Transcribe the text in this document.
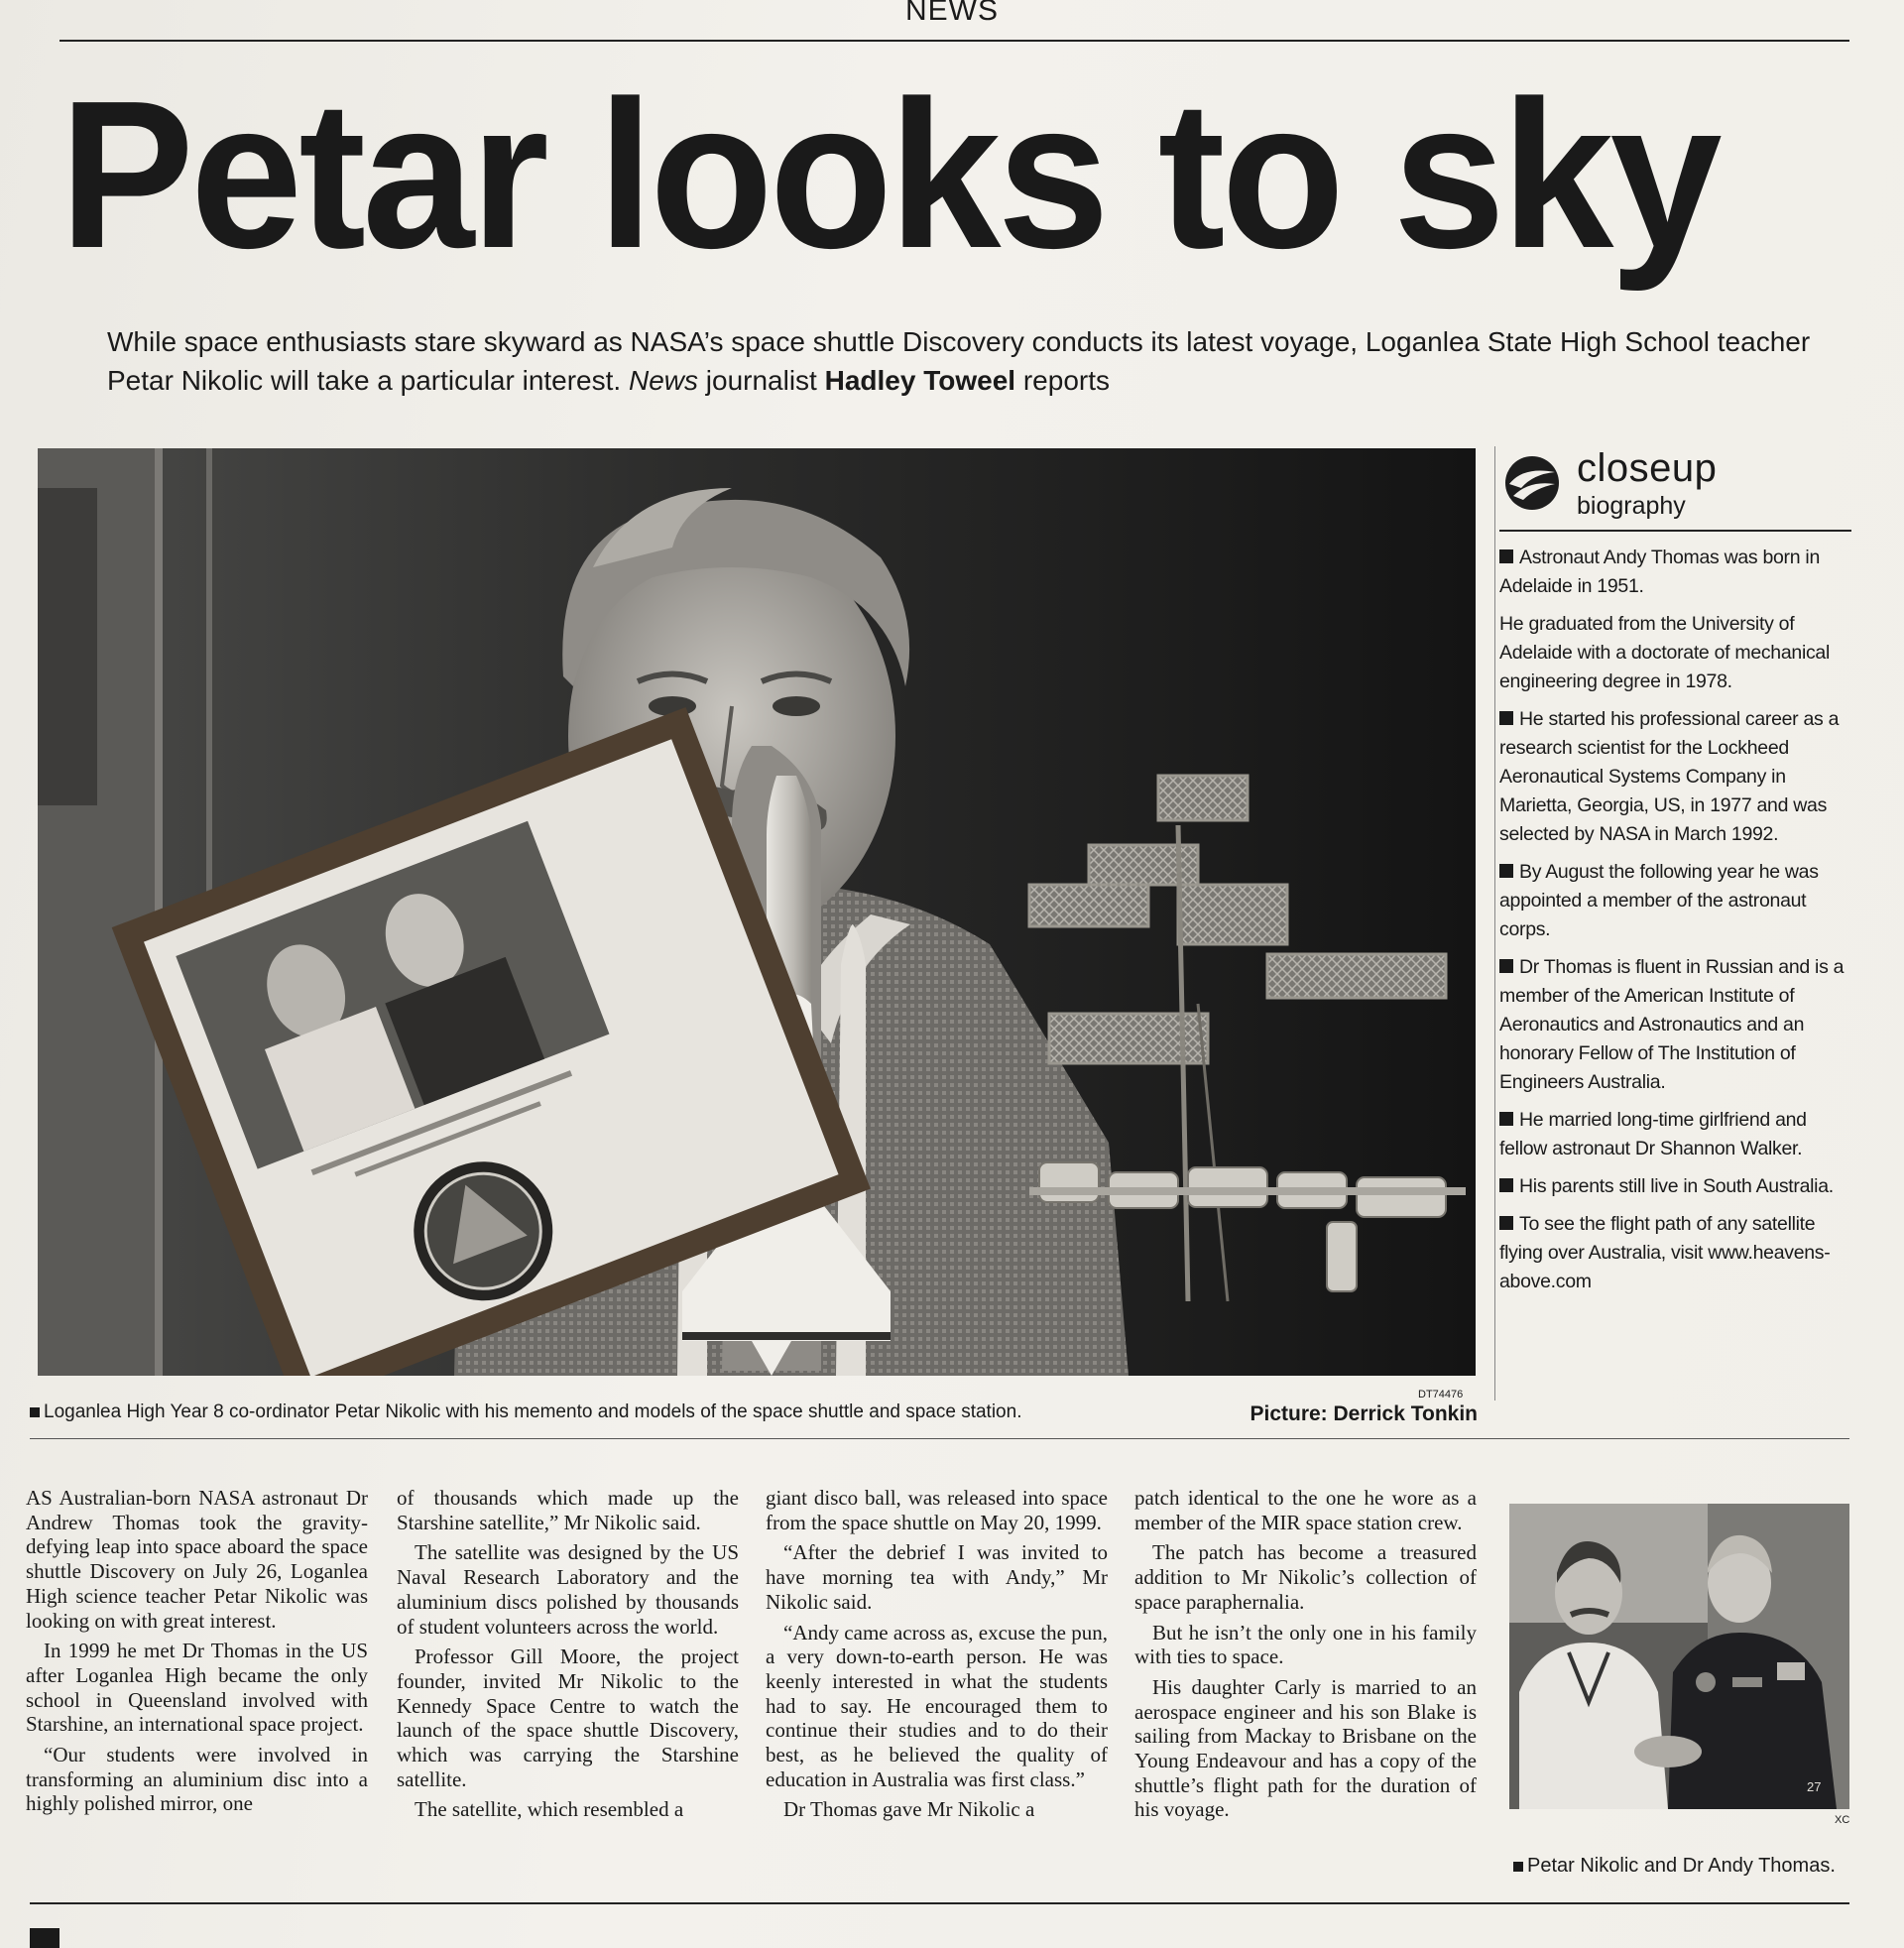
NEWS
Petar looks to sky
While space enthusiasts stare skyward as NASA’s space shuttle Discovery conducts its latest voyage, Loganlea State High School teacher Petar Nikolic will take a particular interest. News journalist Hadley Toweel reports
Loganlea High Year 8 co-ordinator Petar Nikolic with his memento and models of the space shuttle and space station.
DT74476
Picture: Derrick Tonkin
closeup
biography
Astronaut Andy Thomas was born in Adelaide in 1951.
He graduated from the University of Adelaide with a doctorate of mechanical engineering degree in 1978.
He started his professional career as a research scientist for the Lockheed Aeronautical Systems Company in Marietta, Georgia, US, in 1977 and was selected by NASA in March 1992.
By August the following year he was appointed a member of the astronaut corps.
Dr Thomas is fluent in Russian and is a member of the American Institute of Aeronautics and Astronautics and an honorary Fellow of The Institution of Engineers Australia.
He married long-time girlfriend and fellow astronaut Dr Shannon Walker.
His parents still live in South Australia.
To see the flight path of any satellite flying over Australia, visit www.heavens-above.com

AS Australian-born NASA astronaut Dr Andrew Thomas took the gravity-defying leap into space aboard the space shuttle Discovery on July 26, Loganlea High science teacher Petar Nikolic was looking on with great interest.

In 1999 he met Dr Thomas in the US after Loganlea High became the only school in Queensland involved with Starshine, an international space project.

“Our students were involved in transforming an aluminium disc into a highly polished mirror, one

of thousands which made up the Starshine satellite,” Mr Nikolic said.

The satellite was designed by the US Naval Research Laboratory and the aluminium discs polished by thousands of student volunteers across the world.

Professor Gill Moore, the project founder, invited Mr Nikolic to the Kennedy Space Centre to watch the launch of the space shuttle Discovery, which was carrying the Starshine satellite.

The satellite, which resembled a

giant disco ball, was released into space from the space shuttle on May 20, 1999.

“After the debrief I was invited to have morning tea with Andy,” Mr Nikolic said.

“Andy came across as, excuse the pun, a very down-to-earth person. He was keenly interested in what the students had to say. He encouraged them to continue their studies and to do their best, as he believed the quality of education in Australia was first class.”

Dr Thomas gave Mr Nikolic a

patch identical to the one he wore as a member of the MIR space station crew.

The patch has become a treasured addition to Mr Nikolic’s collection of space paraphernalia.

But he isn’t the only one in his family with ties to space.

His daughter Carly is married to an aerospace engineer and his son Blake is sailing from Mackay to Brisbane on the Young Endeavour and has a copy of the shuttle’s flight path for the duration of his voyage.

27
XC
Petar Nikolic and Dr Andy Thomas.
